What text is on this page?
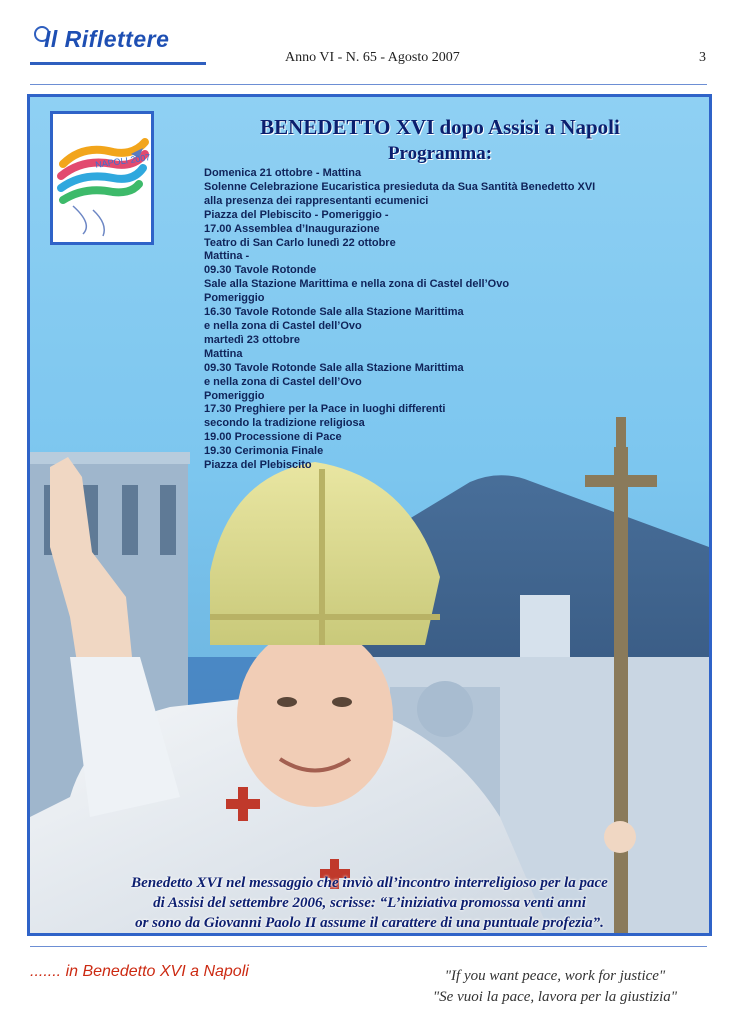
Il Riflettere
Anno VI - N. 65 - Agosto 2007	3
NAPOLI 2007
BENEDETTO XVI dopo Assisi a Napoli
Programma:
Domenica 21 ottobre - Mattina
Solenne Celebrazione Eucaristica presieduta da Sua Santità Benedetto XVI
alla presenza dei rappresentanti ecumenici
Piazza del Plebiscito - Pomeriggio -
17.00 Assemblea d’Inaugurazione
Teatro di San Carlo lunedì 22 ottobre
Mattina -
09.30 Tavole Rotonde
Sale alla Stazione Marittima e nella zona di Castel dell’Ovo
Pomeriggio
16.30 Tavole Rotonde Sale alla Stazione Marittima
e nella zona di Castel dell’Ovo
martedì 23 ottobre
Mattina
09.30 Tavole Rotonde Sale alla Stazione Marittima
e nella zona di Castel dell’Ovo
Pomeriggio
17.30 Preghiere per la Pace in luoghi differenti
secondo la tradizione religiosa
19.00 Processione di Pace
19.30 Cerimonia Finale
Piazza del Plebiscito
Benedetto XVI nel messaggio che inviò all’incontro interreligioso per la pace
di Assisi del settembre 2006, scrisse: “L’iniziativa promossa venti anni
or sono da Giovanni Paolo II assume il carattere di una puntuale profezia”.
....... in Benedetto XVI a Napoli	"If you want peace, work for justice"
"Se vuoi la pace, lavora per la giustizia"
